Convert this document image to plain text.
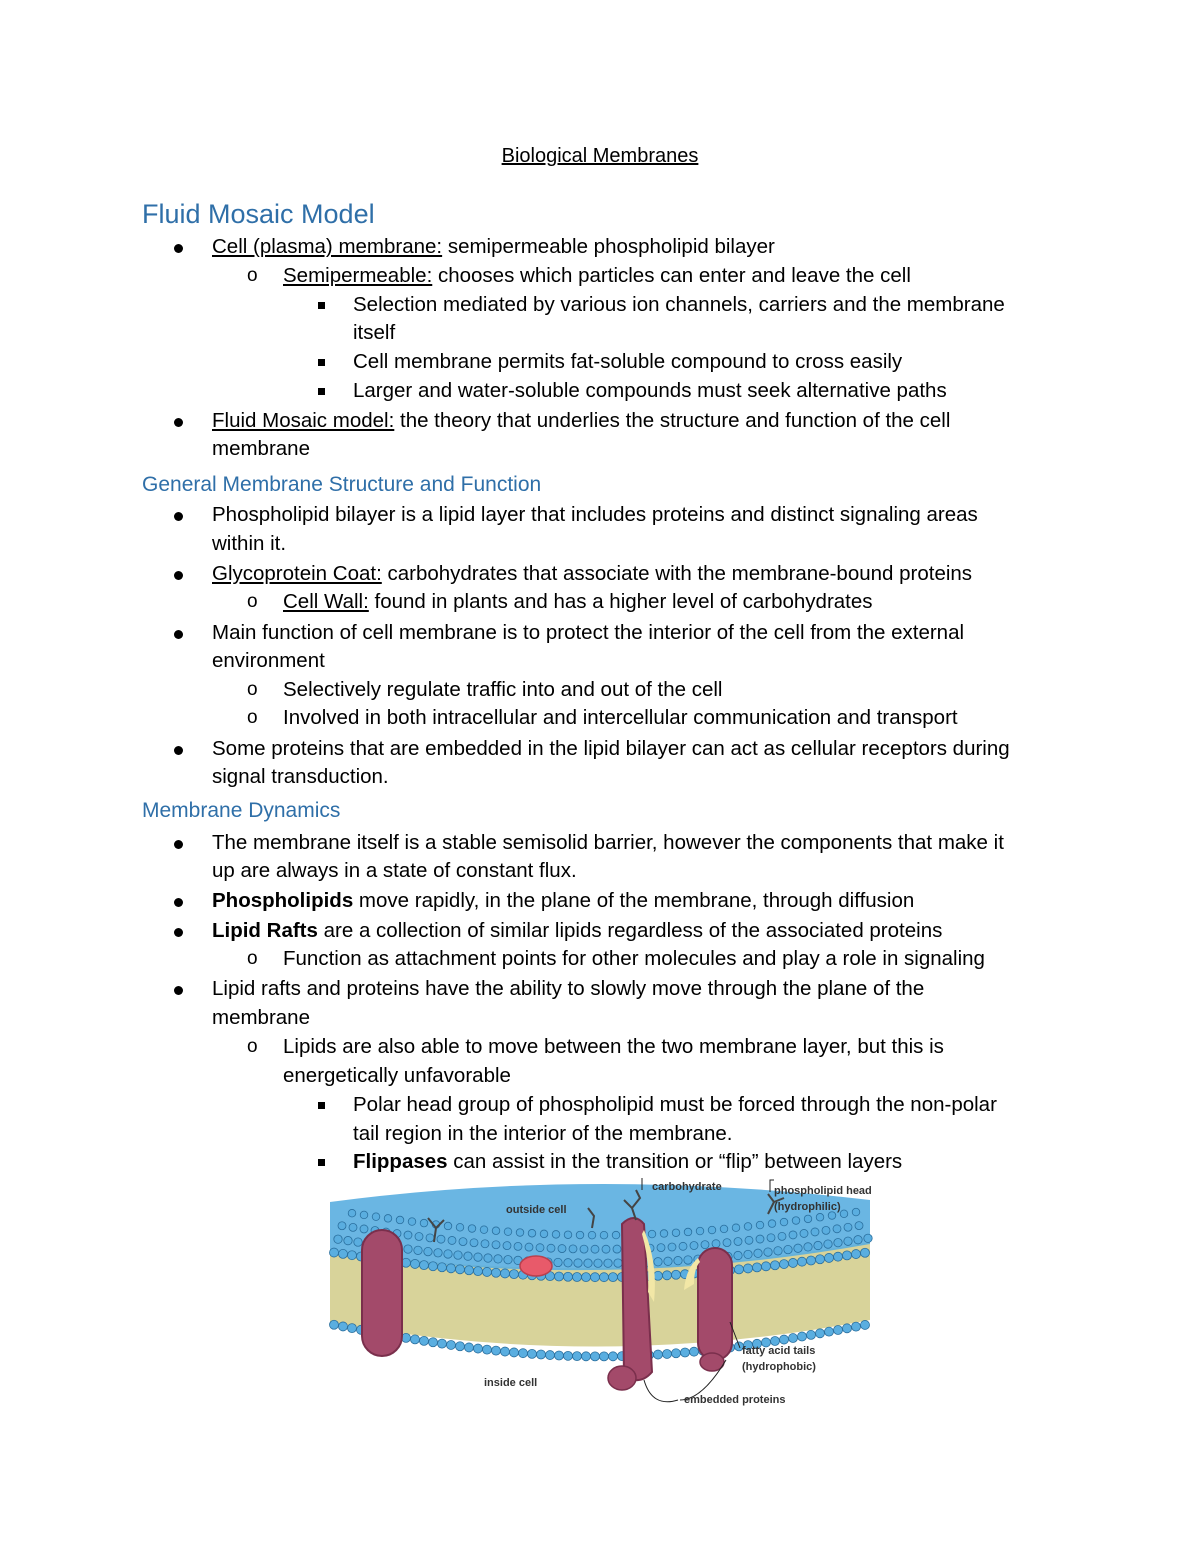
Biological Membranes
Fluid Mosaic Model
Cell (plasma) membrane: semipermeable phospholipid bilayer
o Semipermeable: chooses which particles can enter and leave the cell
Selection mediated by various ion channels, carriers and the membrane
itself
Cell membrane permits fat-soluble compound to cross easily
Larger and water-soluble compounds must seek alternative paths
Fluid Mosaic model: the theory that underlies the structure and function of the cell
membrane
General Membrane Structure and Function
Phospholipid bilayer is a lipid layer that includes proteins and distinct signaling areas
within it.
Glycoprotein Coat: carbohydrates that associate with the membrane-bound proteins
o Cell Wall: found in plants and has a higher level of carbohydrates
Main function of cell membrane is to protect the interior of the cell from the external
environment
o Selectively regulate traffic into and out of the cell
o Involved in both intracellular and intercellular communication and transport
Some proteins that are embedded in the lipid bilayer can act as cellular receptors during
signal transduction.
Membrane Dynamics
The membrane itself is a stable semisolid barrier, however the components that make it
up are always in a state of constant flux.
Phospholipids move rapidly, in the plane of the membrane, through diffusion
Lipid Rafts are a collection of similar lipids regardless of the associated proteins
o Function as attachment points for other molecules and play a role in signaling
Lipid rafts and proteins have the ability to slowly move through the plane of the
membrane
o Lipids are also able to move between the two membrane layer, but this is
energetically unfavorable
Polar head group of phospholipid must be forced through the non-polar
tail region in the interior of the membrane.
Flippases can assist in the transition or “flip” between layers
outside cell
carbohydrate	phospholipid head
(hydrophilic)
fatty acid tails
(hydrophobic)
inside cell
embedded proteins
